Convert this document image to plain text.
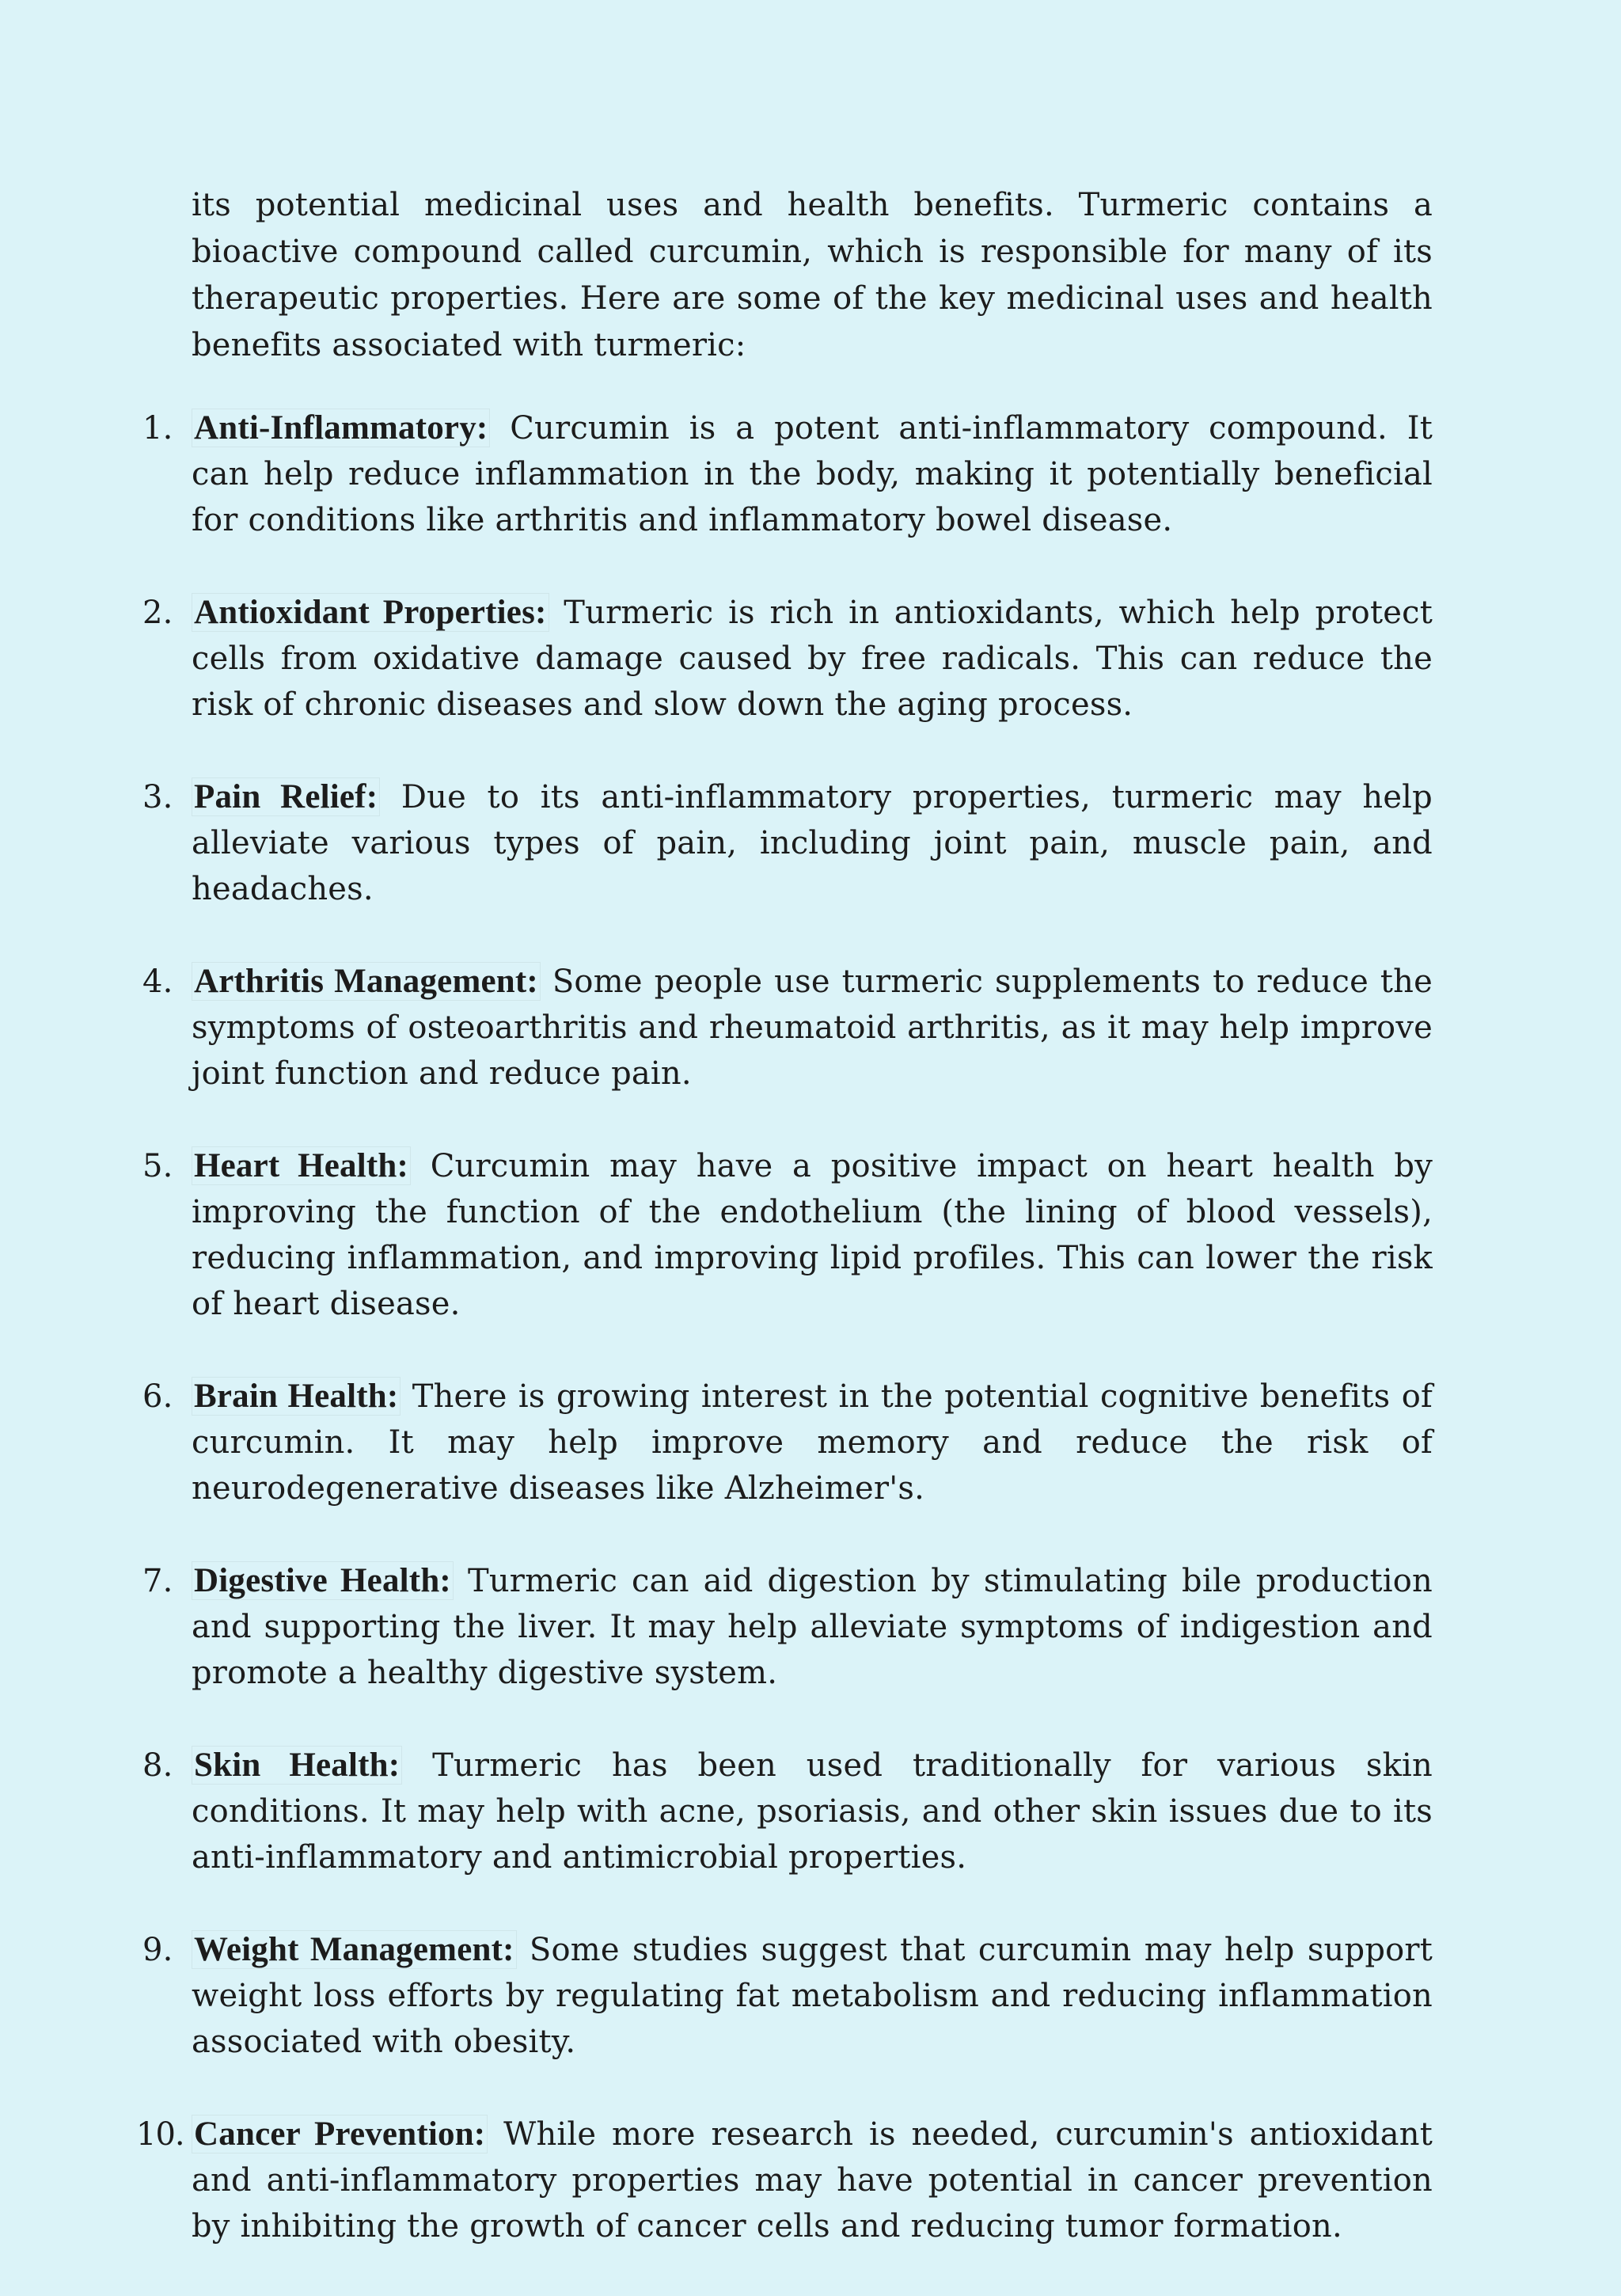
its potential medicinal uses and health benefits. Turmeric contains a bioactive compound called curcumin, which is responsible for many of its therapeutic properties. Here are some of the key medicinal uses and health benefits associated with turmeric:

1. Anti-Inflammatory: Curcumin is a potent anti-inflammatory compound. It can help reduce inflammation in the body, making it potentially beneficial for conditions like arthritis and inflammatory bowel disease.
2. Antioxidant Properties: Turmeric is rich in antioxidants, which help protect cells from oxidative damage caused by free radicals. This can reduce the risk of chronic diseases and slow down the aging process.
3. Pain Relief: Due to its anti-inflammatory properties, turmeric may help alleviate various types of pain, including joint pain, muscle pain, and headaches.
4. Arthritis Management: Some people use turmeric supplements to reduce the symptoms of osteoarthritis and rheumatoid arthritis, as it may help improve joint function and reduce pain.
5. Heart Health: Curcumin may have a positive impact on heart health by improving the function of the endothelium (the lining of blood vessels), reducing inflammation, and improving lipid profiles. This can lower the risk of heart disease.
6. Brain Health: There is growing interest in the potential cognitive benefits of curcumin. It may help improve memory and reduce the risk of neurodegenerative diseases like Alzheimer's.
7. Digestive Health: Turmeric can aid digestion by stimulating bile production and supporting the liver. It may help alleviate symptoms of indigestion and promote a healthy digestive system.
8. Skin Health: Turmeric has been used traditionally for various skin conditions. It may help with acne, psoriasis, and other skin issues due to its anti-inflammatory and antimicrobial properties.
9. Weight Management: Some studies suggest that curcumin may help support weight loss efforts by regulating fat metabolism and reducing inflammation associated with obesity.
10. Cancer Prevention: While more research is needed, curcumin's antioxidant and anti-inflammatory properties may have potential in cancer prevention by inhibiting the growth of cancer cells and reducing tumor formation.
